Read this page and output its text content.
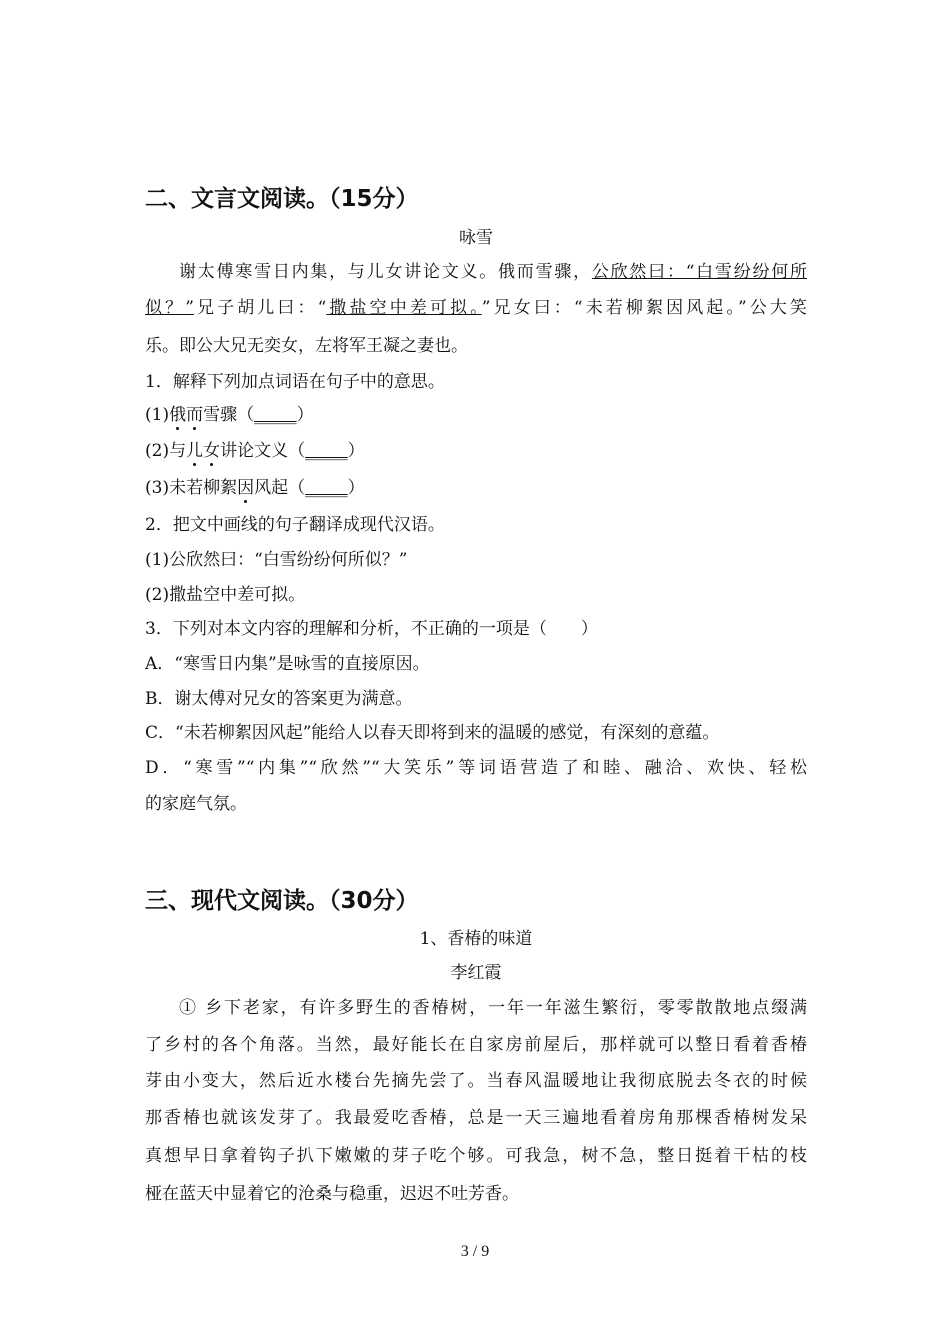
二、文言文阅读。（15分）
咏雪
谢太傅寒雪日内集，与儿女讲论文义。俄而雪骤，公欣然曰：“白雪纷纷何所
似？”兄子胡儿曰：“撒盐空中差可拟。”兄女曰：“未若柳絮因风起。”公大笑
乐。即公大兄无奕女，左将军王凝之妻也。
1．解释下列加点词语在句子中的意思。
(1)俄而雪骤（_____）
(2)与儿女讲论文义（_____）
(3)未若柳絮因风起（_____）
2．把文中画线的句子翻译成现代汉语。
(1)公欣然曰：“白雪纷纷何所似？”
(2)撒盐空中差可拟。
3．下列对本文内容的理解和分析，不正确的一项是（　　）
A．“寒雪日内集”是咏雪的直接原因。
B．谢太傅对兄女的答案更为满意。
C．“未若柳絮因风起”能给人以春天即将到来的温暖的感觉，有深刻的意蕴。
D．“寒雪”“内集”“欣然”“大笑乐”等词语营造了和睦、融洽、欢快、轻松
的家庭气氛。
三、现代文阅读。（30分）
1、香椿的味道
李红霞
① 乡下老家，有许多野生的香椿树，一年一年滋生繁衍，零零散散地点缀满
了乡村的各个角落。当然，最好能长在自家房前屋后，那样就可以整日看着香椿
芽由小变大，然后近水楼台先摘先尝了。当春风温暖地让我彻底脱去冬衣的时候
那香椿也就该发芽了。我最爱吃香椿，总是一天三遍地看着房角那棵香椿树发呆
真想早日拿着钩子扒下嫩嫩的芽子吃个够。可我急，树不急，整日挺着干枯的枝
桠在蓝天中显着它的沧桑与稳重，迟迟不吐芳香。
3 / 9
